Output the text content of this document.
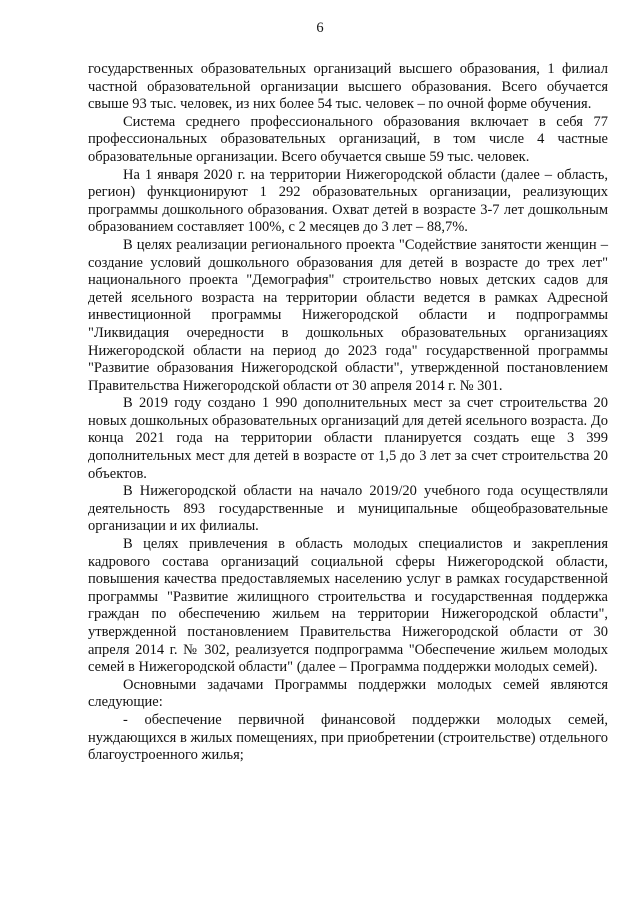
6

государственных образовательных организаций высшего образования, 1 филиал частной образовательной организации высшего образования. Всего обучается свыше 93 тыс. человек, из них более 54 тыс. человек – по очной форме обучения.

Система среднего профессионального образования включает в себя 77 профессиональных образовательных организаций, в том числе 4 частные образовательные организации. Всего обучается свыше 59 тыс. человек.

На 1 января 2020 г. на территории Нижегородской области (далее – область, регион) функционируют 1 292 образовательных организации, реализующих программы дошкольного образования. Охват детей в возрасте 3-7 лет дошкольным образованием составляет 100%, с 2 месяцев до 3 лет – 88,7%.

В целях реализации регионального проекта "Содействие занятости женщин – создание условий дошкольного образования для детей в возрасте до трех лет" национального проекта "Демография" строительство новых детских садов для детей ясельного возраста на территории области ведется в рамках Адресной инвестиционной программы Нижегородской области и подпрограммы "Ликвидация очередности в дошкольных образовательных организациях Нижегородской области на период до 2023 года" государственной программы "Развитие образования Нижегородской области", утвержденной постановлением Правительства Нижегородской области от 30 апреля 2014 г. № 301.

В 2019 году создано 1 990 дополнительных мест за счет строительства 20 новых дошкольных образовательных организаций для детей ясельного возраста. До конца 2021 года на территории области планируется создать еще 3 399 дополнительных мест для детей в возрасте от 1,5 до 3 лет за счет строительства 20 объектов.

В Нижегородской области на начало 2019/20 учебного года осуществляли деятельность 893 государственные и муниципальные общеобразовательные организации и их филиалы.

В целях привлечения в область молодых специалистов и закрепления кадрового состава организаций социальной сферы Нижегородской области, повышения качества предоставляемых населению услуг в рамках государственной программы "Развитие жилищного строительства и государственная поддержка граждан по обеспечению жильем на территории Нижегородской области", утвержденной постановлением Правительства Нижегородской области от 30 апреля 2014 г. № 302, реализуется подпрограмма "Обеспечение жильем молодых семей в Нижегородской области" (далее – Программа поддержки молодых семей).

Основными задачами Программы поддержки молодых семей являются следующие:

- обеспечение первичной финансовой поддержки молодых семей, нуждающихся в жилых помещениях, при приобретении (строительстве) отдельного благоустроенного жилья;
